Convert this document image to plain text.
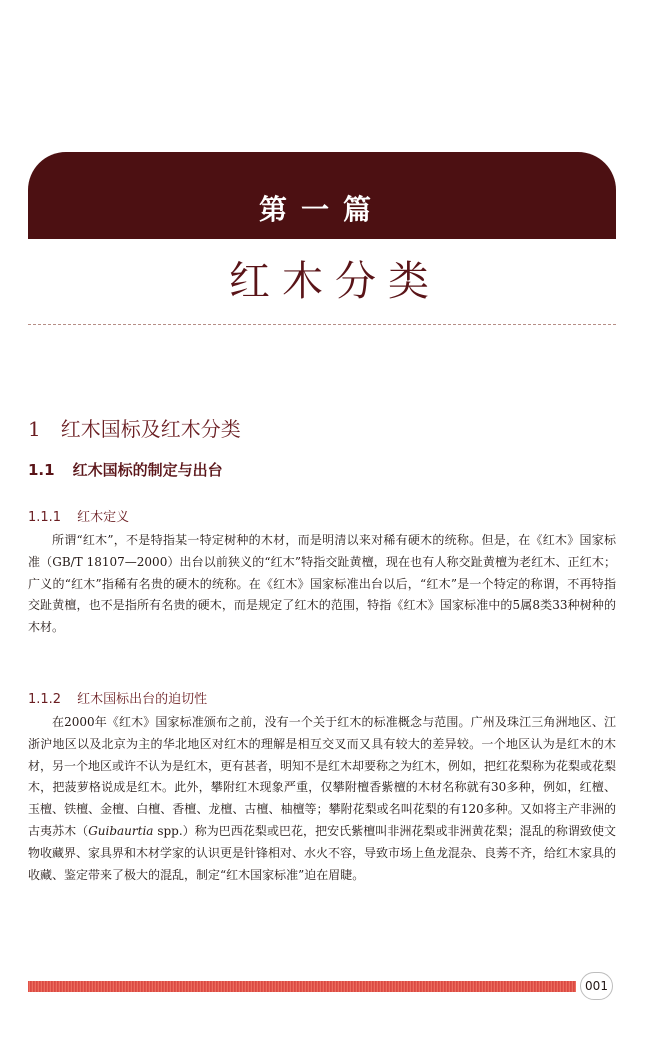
第一篇
红木分类
1 红木国标及红木分类
1.1 红木国标的制定与出台
1.1.1 红木定义

所谓“红木”，不是特指某一特定树种的木材，而是明清以来对稀有硬木的统称。但是，在《红木》国家标准（GB/T 18107—2000）出台以前狭义的“红木”特指交趾黄檀，现在也有人称交趾黄檀为老红木、正红木；广义的“红木”指稀有名贵的硬木的统称。在《红木》国家标准出台以后，“红木”是一个特定的称谓，不再特指交趾黄檀，也不是指所有名贵的硬木，而是规定了红木的范围，特指《红木》国家标准中的5属8类33种树种的木材。

1.1.2 红木国标出台的迫切性

在2000年《红木》国家标准颁布之前，没有一个关于红木的标准概念与范围。广州及珠江三角洲地区、江浙沪地区以及北京为主的华北地区对红木的理解是相互交叉而又具有较大的差异较。一个地区认为是红木的木材，另一个地区或许不认为是红木，更有甚者，明知不是红木却要称之为红木，例如，把红花梨称为花梨或花梨木，把菠萝格说成是红木。此外，攀附红木现象严重，仅攀附檀香紫檀的木材名称就有30多种，例如，红檀、玉檀、铁檀、金檀、白檀、香檀、龙檀、古檀、柚檀等；攀附花梨或名叫花梨的有120多种。又如将主产非洲的古夷苏木（Guibaurtia spp.）称为巴西花梨或巴花，把安氏紫檀叫非洲花梨或非洲黄花梨；混乱的称谓致使文物收藏界、家具界和木材学家的认识更是针锋相对、水火不容，导致市场上鱼龙混杂、良莠不齐，给红木家具的收藏、鉴定带来了极大的混乱，制定“红木国家标准”迫在眉睫。

001
